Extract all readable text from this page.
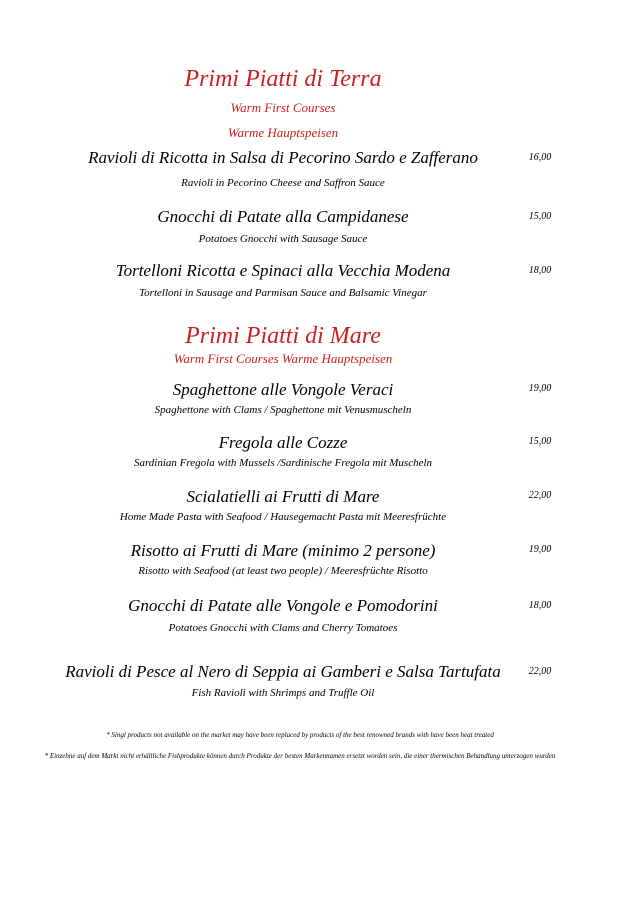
Primi Piatti di Terra
Warm First Courses
Warme Hauptspeisen
Ravioli di Ricotta in Salsa di Pecorino Sardo e Zafferano	16,00
Ravioli in Pecorino Cheese and Saffron Sauce
Gnocchi di Patate alla Campidanese	15,00
Potatoes Gnocchi with Sausage Sauce
Tortelloni Ricotta e Spinaci alla Vecchia Modena	18,00
Tortelloni in Sausage and Parmisan Sauce and Balsamic Vinegar
Primi Piatti di Mare
Warm First Courses Warme Hauptspeisen
Spaghettone alle Vongole Veraci	19,00
Spaghettone with Clams / Spaghettone mit Venusmuscheln
Fregola alle Cozze	15,00
Sardinian Fregola with Mussels /Sardinische Fregola mit Muscheln
Scialatielli ai Frutti di Mare	22,00
Home Made Pasta with Seafood / Hausegemacht Pasta mit Meeresfrüchte
Risotto ai Frutti di Mare (minimo 2 persone)	19,00
Risotto with Seafood (at least two people) / Meeresfrüchte Risotto
Gnocchi di Patate alle Vongole e Pomodorini	18,00
Potatoes Gnocchi with Clams and Cherry Tomatoes
Ravioli di Pesce al Nero di Seppia ai Gamberi e Salsa Tartufata	22,00
Fish Ravioli with Shrimps and Truffle Oil
* Singl products not available on the market may have been replaced by products of the best renowned brands with have been heat treated
* Einzehne auf dem Markt nicht erhältliche Fishprodukte können durch Produkte der besten Markennamen ersetzt worden sein, die einer thermischen Behandlung unterzogen wurden
